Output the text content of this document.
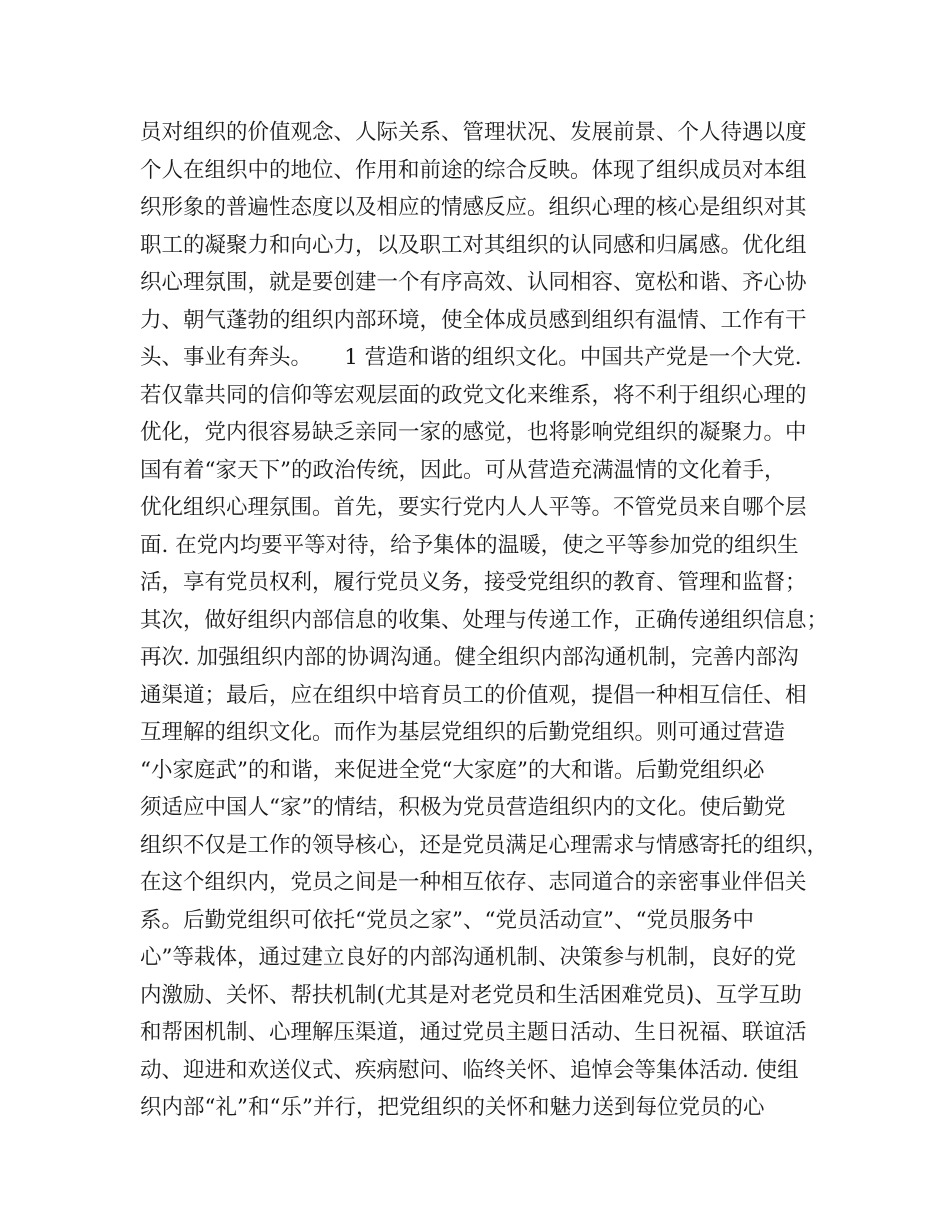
员对组织的价值观念、人际关系、管理状况、发展前景、个人待遇以度
个人在组织中的地位、作用和前途的综合反映。体现了组织成员对本组
织形象的普遍性态度以及相应的情感反应。组织心理的核心是组织对其
职工的凝聚力和向心力，以及职工对其组织的认同感和归属感。优化组
织心理氛围，就是要创建一个有序高效、认同相容、宽松和谐、齐心协
力、朝气蓬勃的组织内部环境，使全体成员感到组织有温情、工作有干
头、事业有奔头。　　1 营造和谐的组织文化。中国共产党是一个大党.
若仅靠共同的信仰等宏观层面的政党文化来维系，将不利于组织心理的
优化，党内很容易缺乏亲同一家的感觉，也将影响党组织的凝聚力。中
国有着“家天下”的政治传统，因此。可从营造充满温情的文化着手，
优化组织心理氛围。首先，要实行党内人人平等。不管党员来自哪个层
面. 在党内均要平等对待，给予集体的温暖，使之平等参加党的组织生
活，享有党员权利，履行党员义务，接受党组织的教育、管理和监督；
其次，做好组织内部信息的收集、处理与传递工作，正确传递组织信息；
再次. 加强组织内部的协调沟通。健全组织内部沟通机制，完善内部沟
通渠道；最后，应在组织中培育员工的价值观，提倡一种相互信任、相
互理解的组织文化。而作为基层党组织的后勤党组织。则可通过营造
“小家庭武”的和谐，来促进全党“大家庭”的大和谐。后勤党组织必
须适应中国人“家”的情结，积极为党员营造组织内的文化。使后勤党
组织不仅是工作的领导核心，还是党员满足心理需求与情感寄托的组织，
在这个组织内，党员之间是一种相互依存、志同道合的亲密事业伴侣关
系。后勤党组织可依托“党员之家”、“党员活动宣”、“党员服务中
心”等栽体，通过建立良好的内部沟通机制、决策参与机制，良好的党
内激励、关怀、帮扶机制(尤其是对老党员和生活困难党员)、互学互助
和帮困机制、心理解压渠道，通过党员主题日活动、生日祝福、联谊活
动、迎进和欢送仪式、疾病慰问、临终关怀、追悼会等集体活动. 使组
织内部“礼”和“乐”并行，把党组织的关怀和魅力送到每位党员的心
